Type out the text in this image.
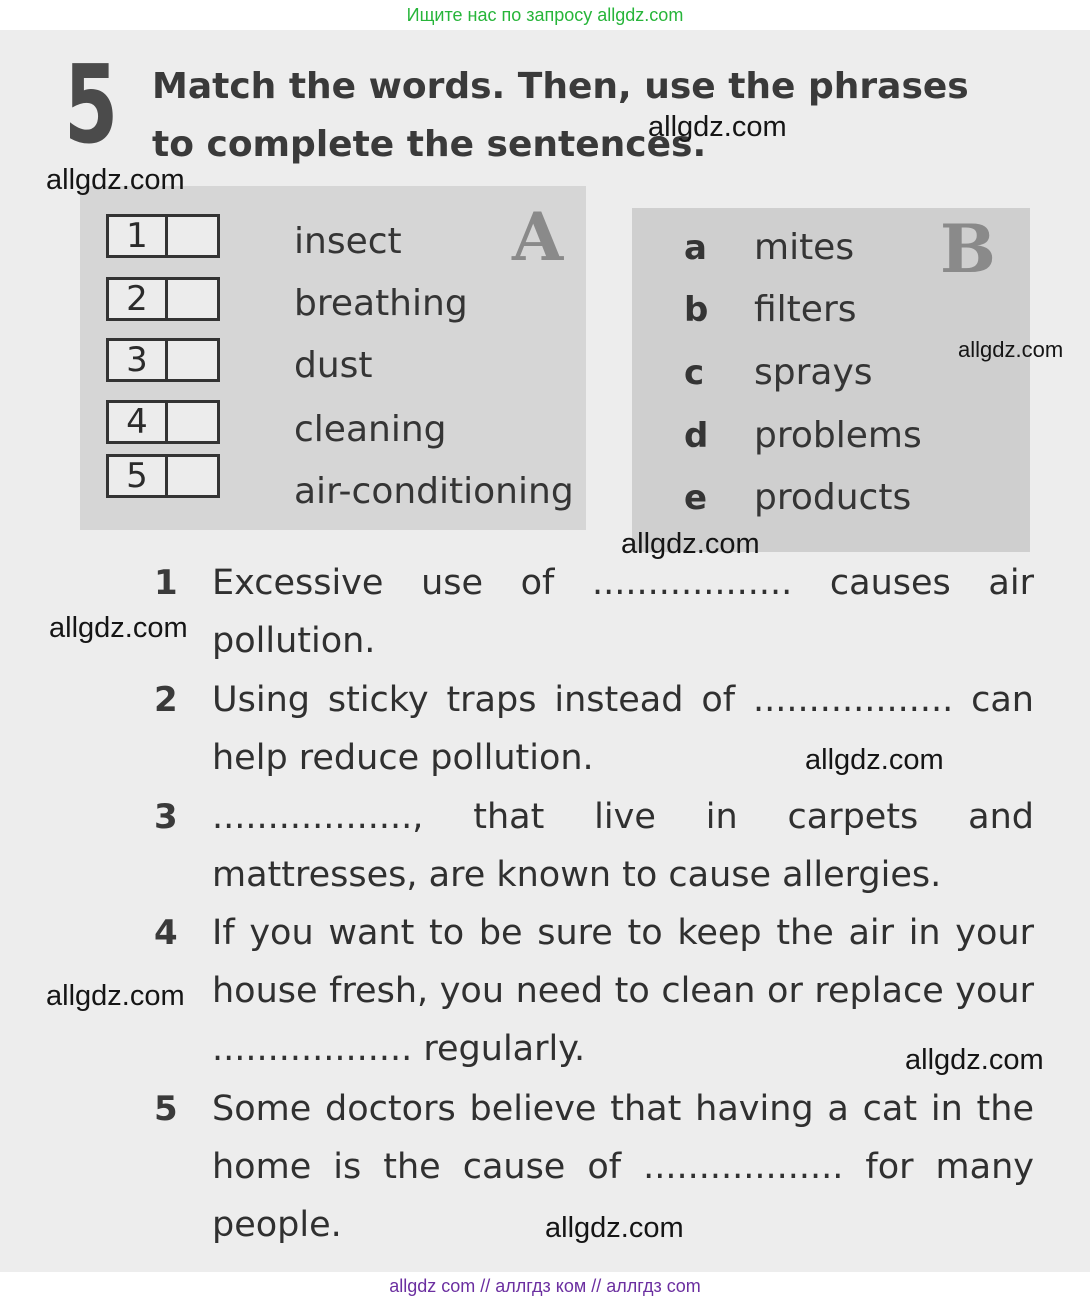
Ищите нас по запросу allgdz.com
5 Match the words. Then, use the phrases to complete the sentences.
A	B
1
2
3
4
5
insect
breathing
dust
cleaning
air-conditioning
a mites
b filters
c sprays
d problems
e products
1 Excessive use of .................. causes air pollution.
2 Using sticky traps instead of .................. can help reduce pollution.
3 .................., that live in carpets and mattresses, are known to cause allergies.
4 If you want to be sure to keep the air in your house fresh, you need to clean or replace your .................. regularly.
5 Some doctors believe that having a cat in the home is the cause of .................. for many people.
allgdz.com
allgdz.com
allgdz.com
allgdz.com
allgdz.com
allgdz.com
allgdz.com
allgdz.com
allgdz.com
allgdz com // аллгдз ком // аллгдз com
